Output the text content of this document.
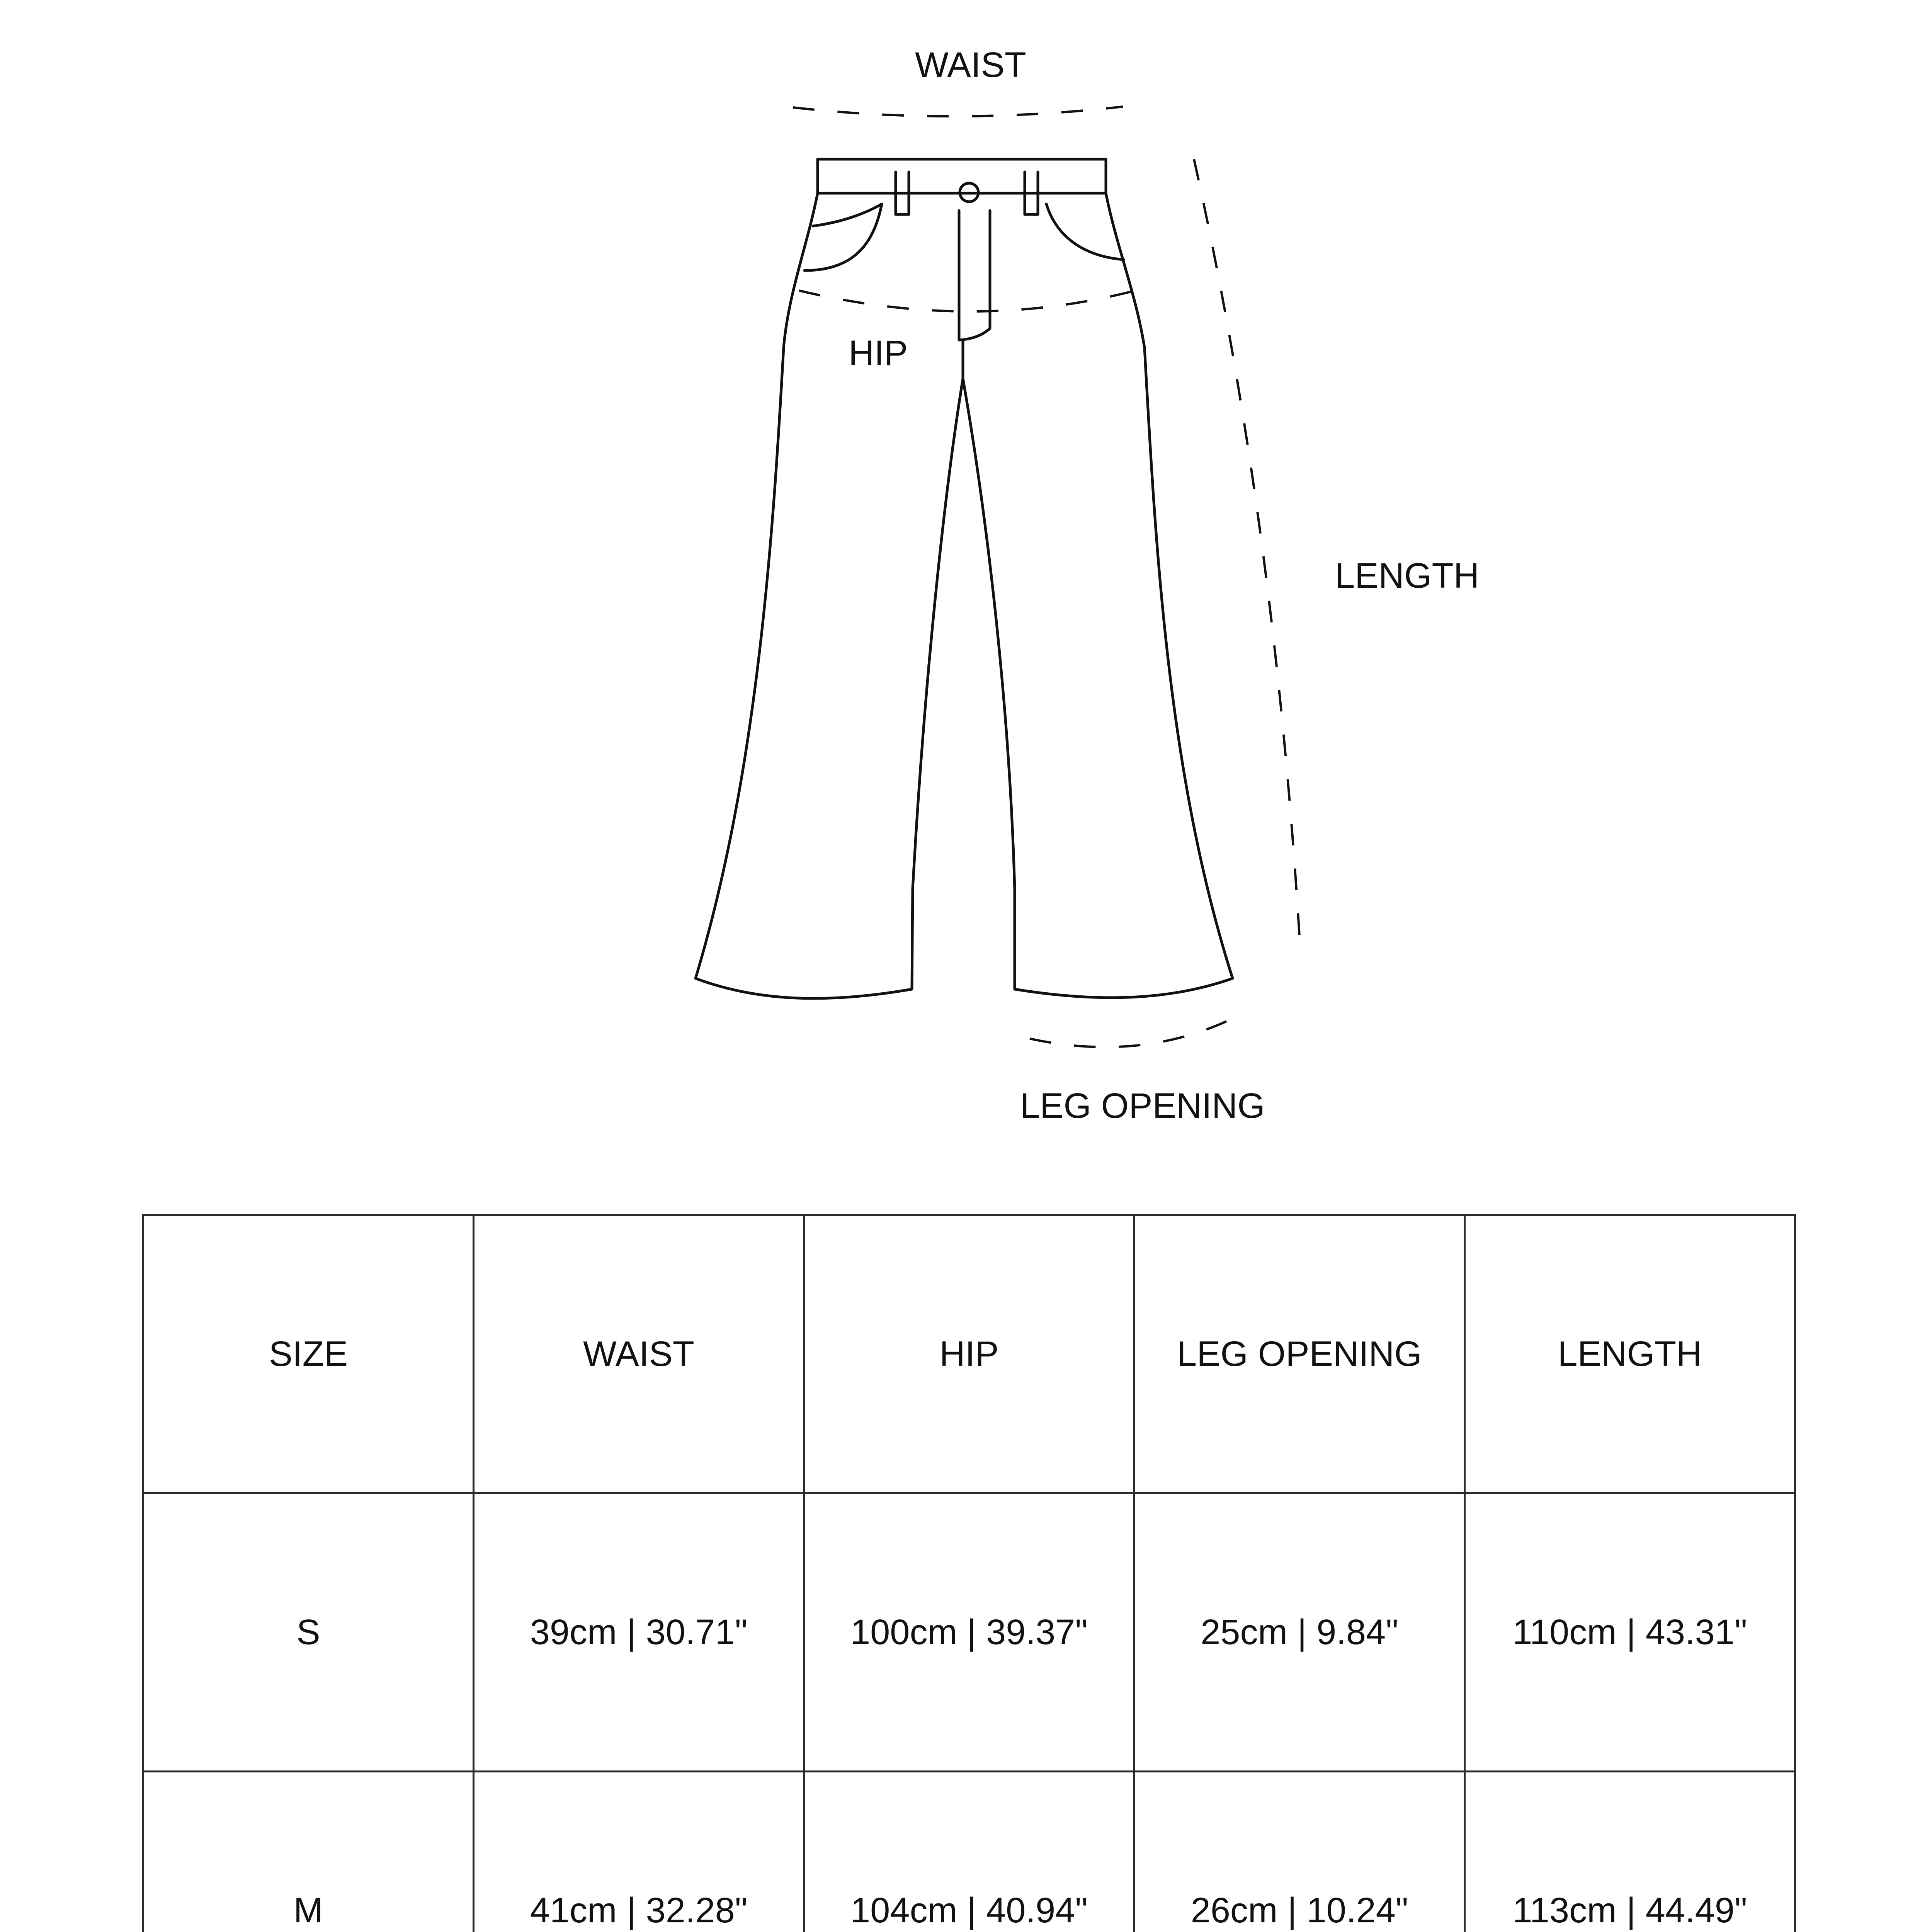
WAIST
HIP
LENGTH
LEG OPENING
SIZE	WAIST	HIP	LEG OPENING	LENGTH
S	39cm | 30.71"	100cm | 39.37"	25cm | 9.84"	110cm | 43.31"
M	41cm | 32.28"	104cm | 40.94"	26cm | 10.24"	113cm | 44.49"
